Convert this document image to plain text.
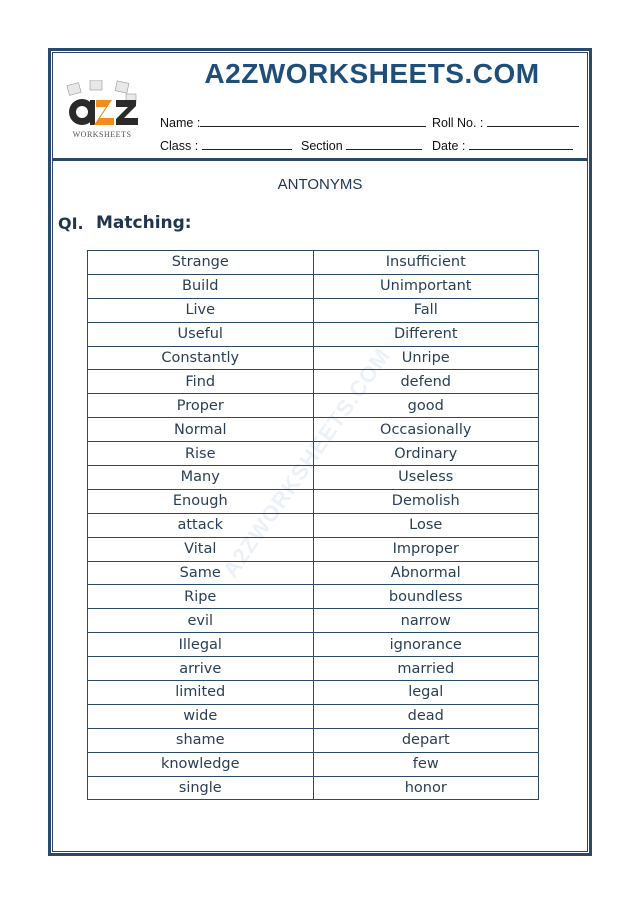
WORKSHEETS
A2ZWORKSHEETS.COM
Name :	Roll No. :
Class :	Section	Date :
ANTONYMS
QI. Matching:
A2ZWORKSHEETS.COM
Strange	Insufficient
Build	Unimportant
Live	Fall
Useful	Different
Constantly	Unripe
Find	defend
Proper	good
Normal	Occasionally
Rise	Ordinary
Many	Useless
Enough	Demolish
attack	Lose
Vital	Improper
Same	Abnormal
Ripe	boundless
evil	narrow
Illegal	ignorance
arrive	married
limited	legal
wide	dead
shame	depart
knowledge	few
single	honor
